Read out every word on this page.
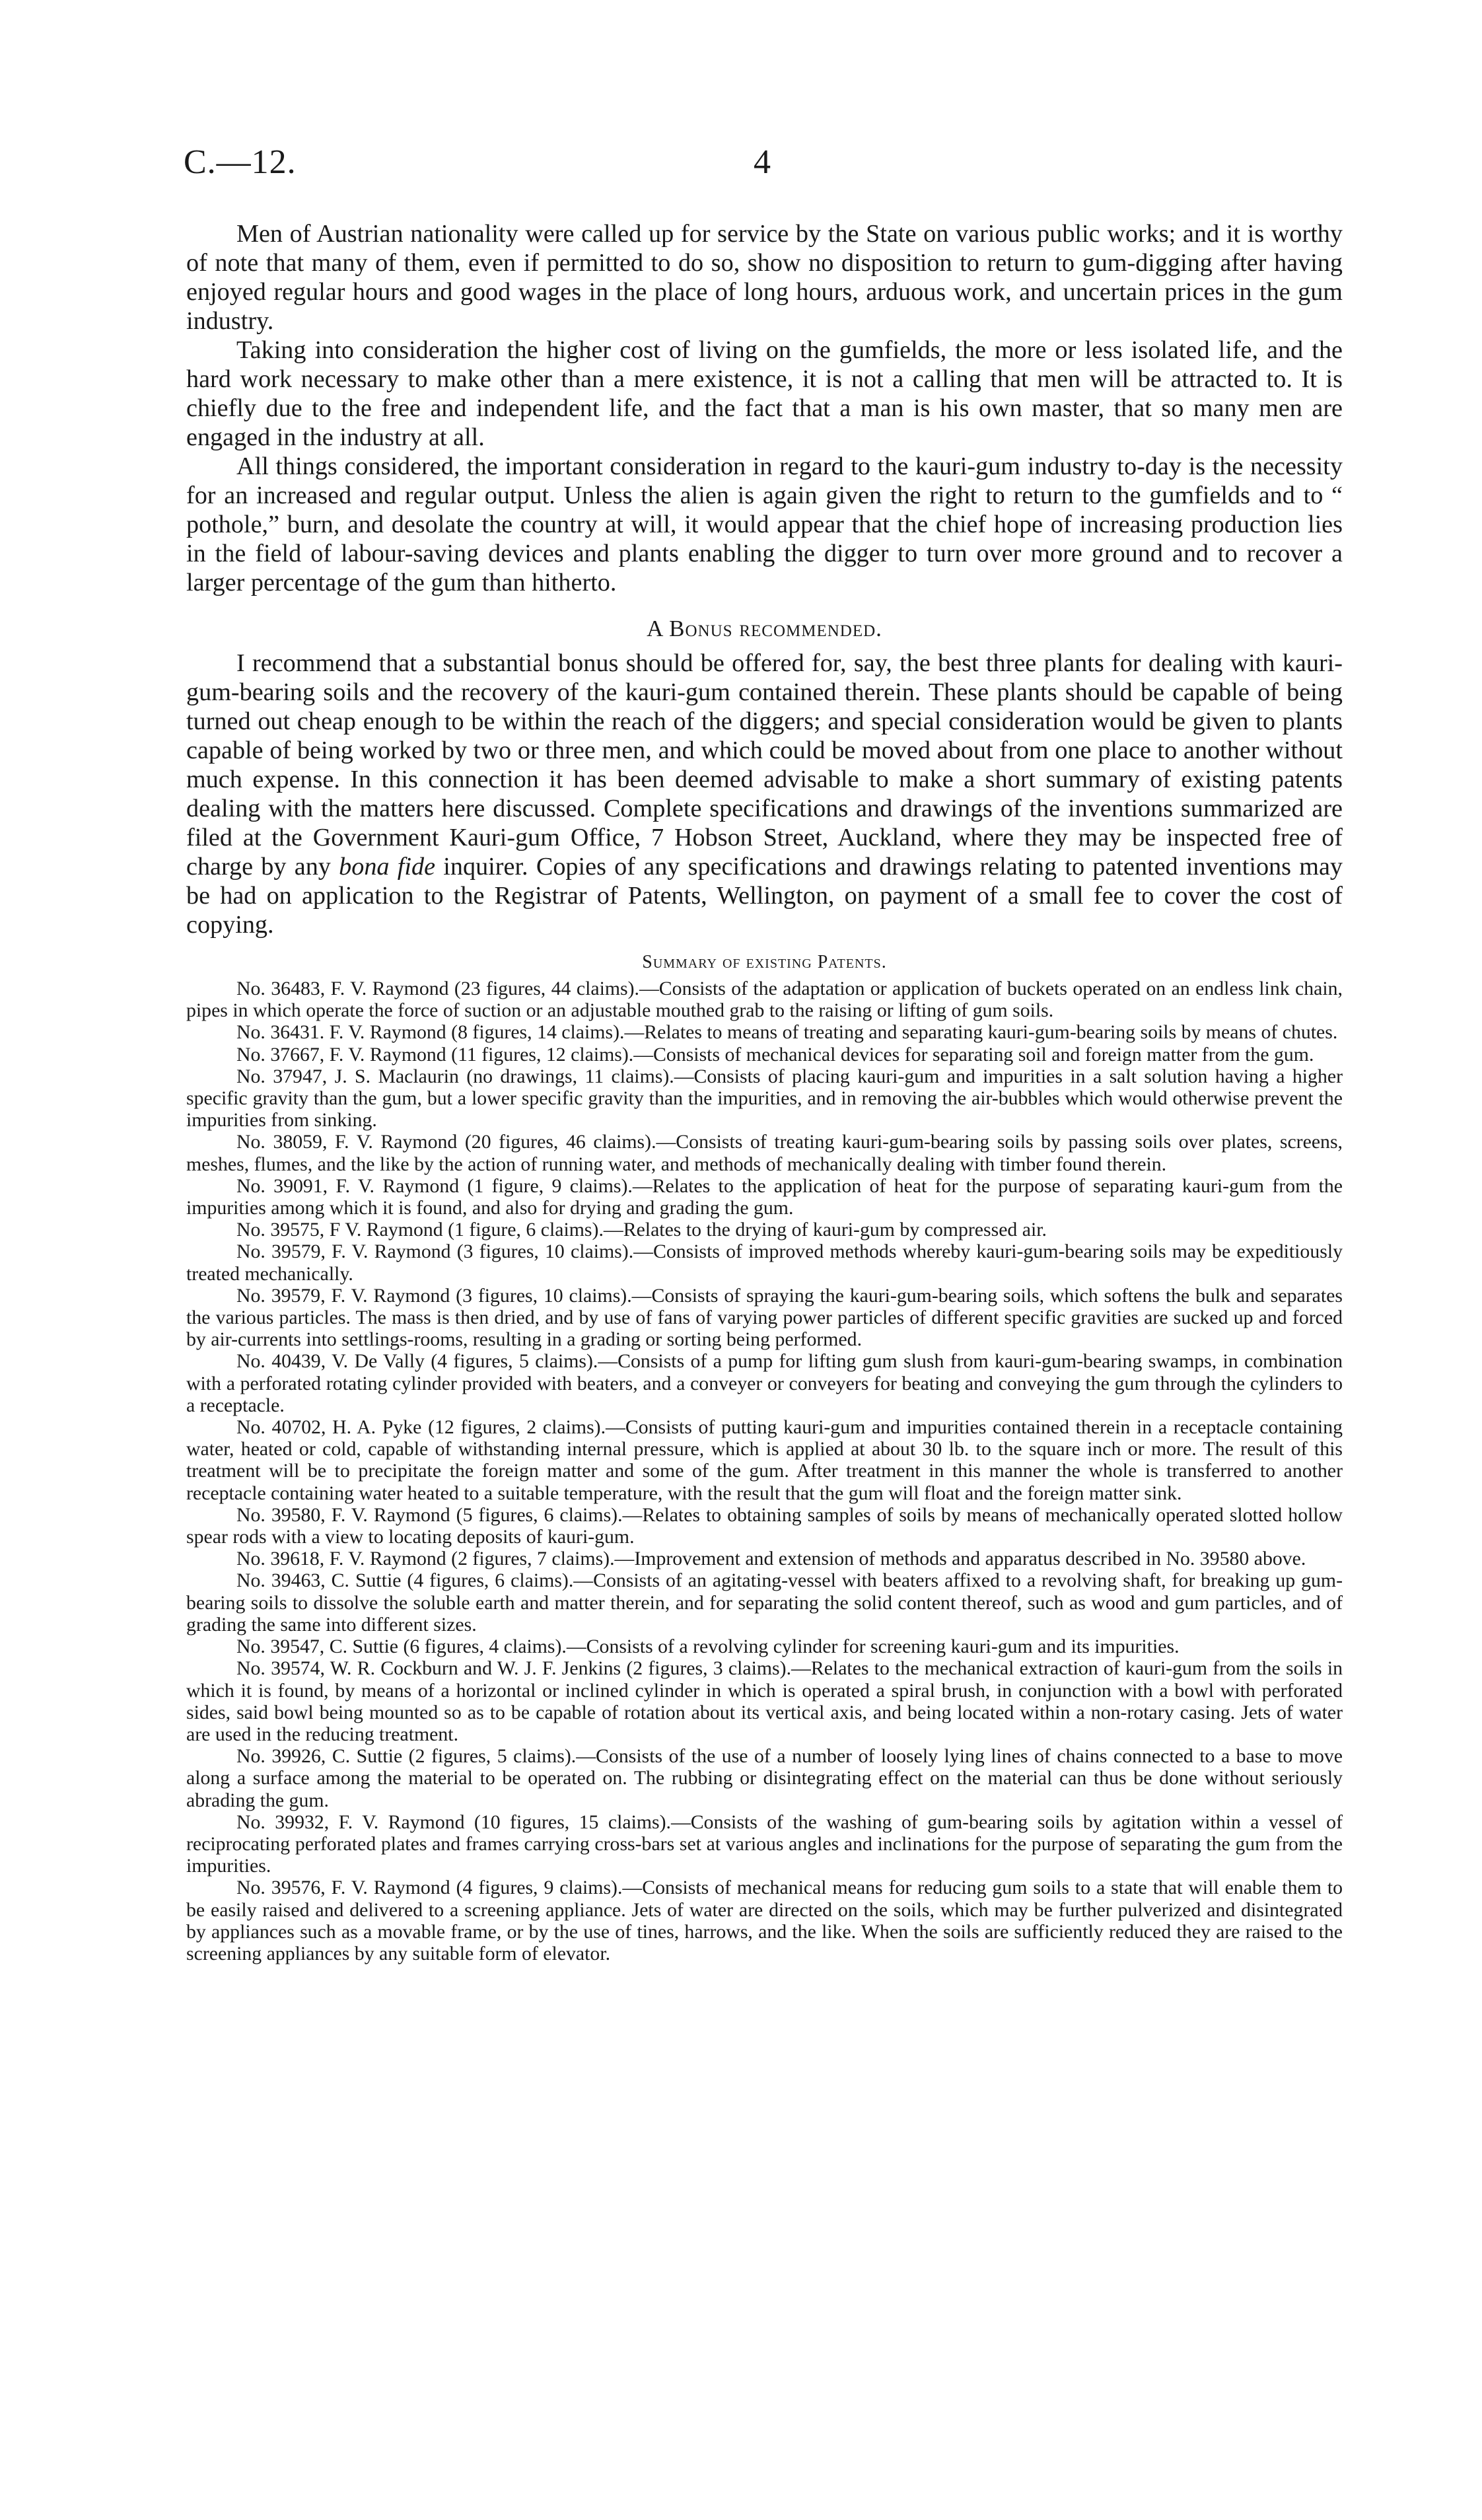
C.—12.	4

Men of Austrian nationality were called up for service by the State on various public works; and it is worthy of note that many of them, even if permitted to do so, show no disposition to return to gum-digging after having enjoyed regular hours and good wages in the place of long hours, arduous work, and uncertain prices in the gum industry.

Taking into consideration the higher cost of living on the gumfields, the more or less isolated life, and the hard work necessary to make other than a mere existence, it is not a calling that men will be attracted to. It is chiefly due to the free and independent life, and the fact that a man is his own master, that so many men are engaged in the industry at all.

All things considered, the important consideration in regard to the kauri-gum industry to-day is the necessity for an increased and regular output. Unless the alien is again given the right to return to the gumfields and to “ pothole,” burn, and desolate the country at will, it would appear that the chief hope of increasing production lies in the field of labour-saving devices and plants enabling the digger to turn over more ground and to recover a larger percentage of the gum than hitherto.

A Bonus recommended.

I recommend that a substantial bonus should be offered for, say, the best three plants for dealing with kauri-gum-bearing soils and the recovery of the kauri-gum contained therein. These plants should be capable of being turned out cheap enough to be within the reach of the diggers; and special consideration would be given to plants capable of being worked by two or three men, and which could be moved about from one place to another without much expense. In this connection it has been deemed advisable to make a short summary of existing patents dealing with the matters here discussed. Complete specifications and drawings of the inventions summarized are filed at the Government Kauri-gum Office, 7 Hobson Street, Auckland, where they may be inspected free of charge by any bona fide inquirer. Copies of any specifications and drawings relating to patented inventions may be had on application to the Registrar of Patents, Wellington, on payment of a small fee to cover the cost of copying.

Summary of existing Patents.

No. 36483, F. V. Raymond (23 figures, 44 claims).—Consists of the adaptation or application of buckets operated on an endless link chain, pipes in which operate the force of suction or an adjustable mouthed grab to the raising or lifting of gum soils.

No. 36431. F. V. Raymond (8 figures, 14 claims).—Relates to means of treating and separating kauri-gum-bearing soils by means of chutes.

No. 37667, F. V. Raymond (11 figures, 12 claims).—Consists of mechanical devices for separating soil and foreign matter from the gum.

No. 37947, J. S. Maclaurin (no drawings, 11 claims).—Consists of placing kauri-gum and impurities in a salt solution having a higher specific gravity than the gum, but a lower specific gravity than the impurities, and in removing the air-bubbles which would otherwise prevent the impurities from sinking.

No. 38059, F. V. Raymond (20 figures, 46 claims).—Consists of treating kauri-gum-bearing soils by passing soils over plates, screens, meshes, flumes, and the like by the action of running water, and methods of mechanically dealing with timber found therein.

No. 39091, F. V. Raymond (1 figure, 9 claims).—Relates to the application of heat for the purpose of separating kauri-gum from the impurities among which it is found, and also for drying and grading the gum.

No. 39575, F V. Raymond (1 figure, 6 claims).—Relates to the drying of kauri-gum by compressed air.

No. 39579, F. V. Raymond (3 figures, 10 claims).—Consists of improved methods whereby kauri-gum-bearing soils may be expeditiously treated mechanically.

No. 39579, F. V. Raymond (3 figures, 10 claims).—Consists of spraying the kauri-gum-bearing soils, which softens the bulk and separates the various particles. The mass is then dried, and by use of fans of varying power particles of different specific gravities are sucked up and forced by air-currents into settlings-rooms, resulting in a grading or sorting being performed.

No. 40439, V. De Vally (4 figures, 5 claims).—Consists of a pump for lifting gum slush from kauri-gum-bearing swamps, in combination with a perforated rotating cylinder provided with beaters, and a conveyer or conveyers for beating and conveying the gum through the cylinders to a receptacle.

No. 40702, H. A. Pyke (12 figures, 2 claims).—Consists of putting kauri-gum and impurities contained therein in a receptacle containing water, heated or cold, capable of withstanding internal pressure, which is applied at about 30 lb. to the square inch or more. The result of this treatment will be to precipitate the foreign matter and some of the gum. After treatment in this manner the whole is transferred to another receptacle containing water heated to a suitable temperature, with the result that the gum will float and the foreign matter sink.

No. 39580, F. V. Raymond (5 figures, 6 claims).—Relates to obtaining samples of soils by means of mechanically operated slotted hollow spear rods with a view to locating deposits of kauri-gum.

No. 39618, F. V. Raymond (2 figures, 7 claims).—Improvement and extension of methods and apparatus described in No. 39580 above.

No. 39463, C. Suttie (4 figures, 6 claims).—Consists of an agitating-vessel with beaters affixed to a revolving shaft, for breaking up gum-bearing soils to dissolve the soluble earth and matter therein, and for separating the solid content thereof, such as wood and gum particles, and of grading the same into different sizes.

No. 39547, C. Suttie (6 figures, 4 claims).—Consists of a revolving cylinder for screening kauri-gum and its impurities.

No. 39574, W. R. Cockburn and W. J. F. Jenkins (2 figures, 3 claims).—Relates to the mechanical extraction of kauri-gum from the soils in which it is found, by means of a horizontal or inclined cylinder in which is operated a spiral brush, in conjunction with a bowl with perforated sides, said bowl being mounted so as to be capable of rotation about its vertical axis, and being located within a non-rotary casing. Jets of water are used in the reducing treatment.

No. 39926, C. Suttie (2 figures, 5 claims).—Consists of the use of a number of loosely lying lines of chains connected to a base to move along a surface among the material to be operated on. The rubbing or disintegrating effect on the material can thus be done without seriously abrading the gum.

No. 39932, F. V. Raymond (10 figures, 15 claims).—Consists of the washing of gum-bearing soils by agitation within a vessel of reciprocating perforated plates and frames carrying cross-bars set at various angles and inclinations for the purpose of separating the gum from the impurities.

No. 39576, F. V. Raymond (4 figures, 9 claims).—Consists of mechanical means for reducing gum soils to a state that will enable them to be easily raised and delivered to a screening appliance. Jets of water are directed on the soils, which may be further pulverized and disintegrated by appliances such as a movable frame, or by the use of tines, harrows, and the like. When the soils are sufficiently reduced they are raised to the screening appliances by any suitable form of elevator.
